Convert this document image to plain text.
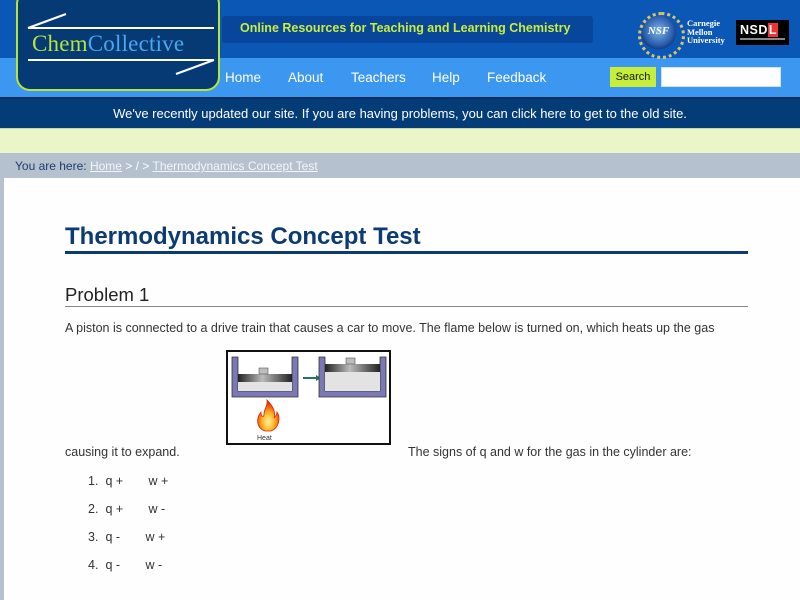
Online Resources for Teaching and Learning Chemistry
ChemCollective
Home About Teachers Help Feedback
NSF
Carnegie
Mellon
University
NSDL
Search
We've recently updated our site. If you are having problems, you can click here to get to the old site.
You are here: Home > / > Thermodynamics Concept Test
Thermodynamics Concept Test
Problem 1
A piston is connected to a drive train that causes a car to move. The flame below is turned on, which heats up the gas
Heat
causing it to expand.	The signs of q and w for the gas in the cylinder are:
1. q + w +
2. q + w -
3. q - w +
4. q - w -
